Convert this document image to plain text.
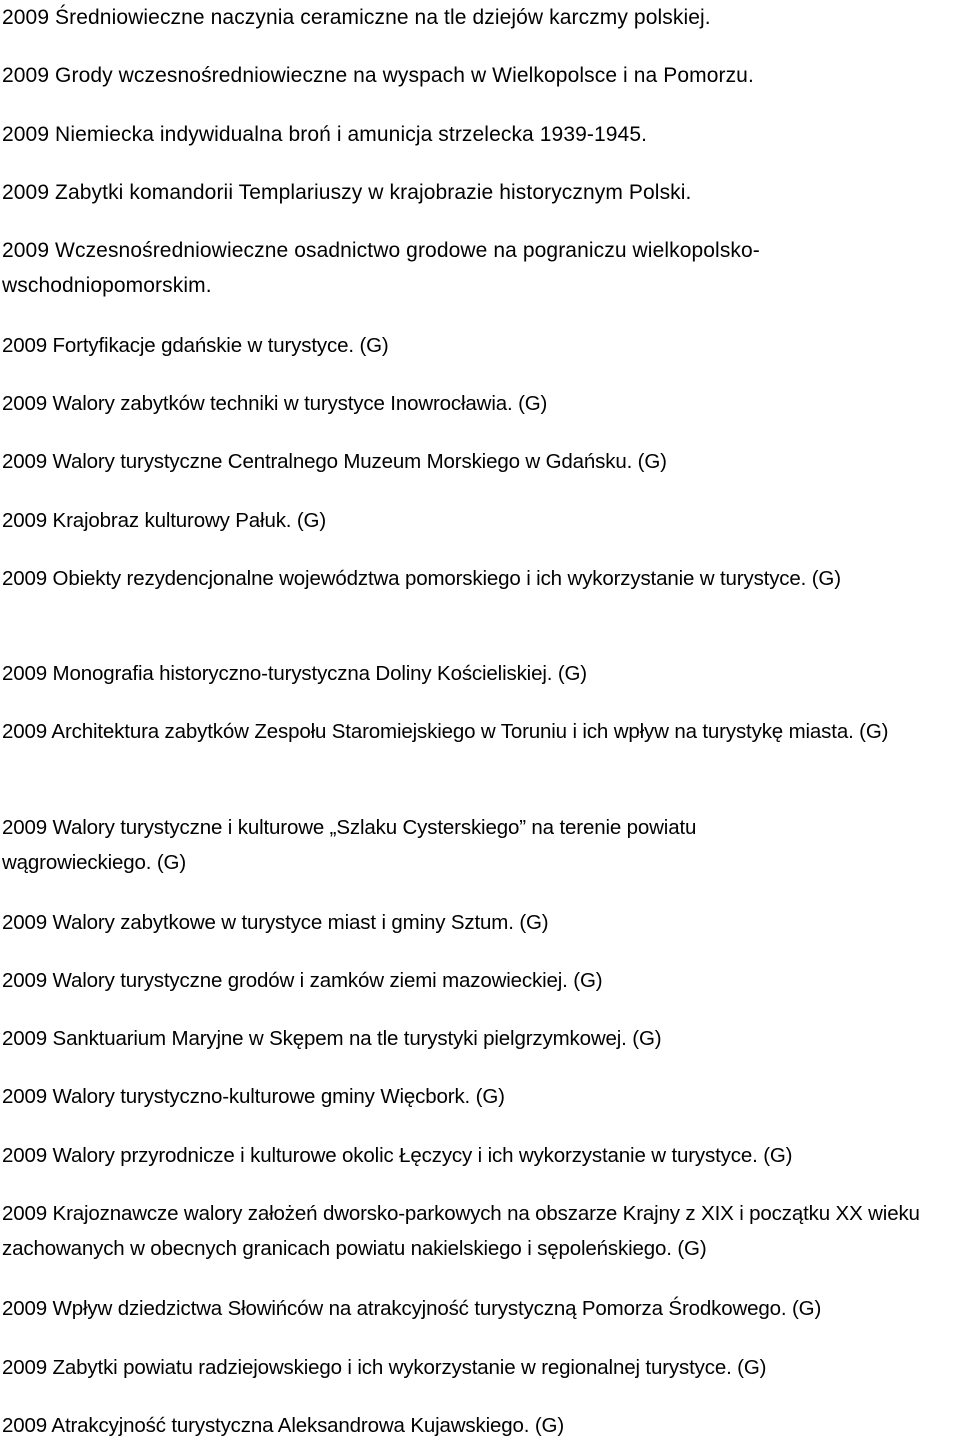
2009 Średniowieczne naczynia ceramiczne na tle dziejów karczmy polskiej.

2009 Grody wczesnośredniowieczne na wyspach w Wielkopolsce i na Pomorzu.

2009 Niemiecka indywidualna broń i amunicja strzelecka 1939-1945.

2009 Zabytki komandorii Templariuszy w krajobrazie historycznym Polski.

2009 Wczesnośredniowieczne osadnictwo grodowe na pograniczu wielkopolsko-wschodniopomorskim.

2009 Fortyfikacje gdańskie w turystyce. (G)

2009 Walory zabytków techniki w turystyce Inowrocławia. (G)

2009 Walory turystyczne Centralnego Muzeum Morskiego w Gdańsku. (G)

2009 Krajobraz kulturowy Pałuk. (G)

2009 Obiekty rezydencjonalne województwa pomorskiego i ich wykorzystanie w turystyce. (G)

2009 Monografia historyczno-turystyczna Doliny Kościeliskiej. (G)

2009 Architektura zabytków Zespołu Staromiejskiego w Toruniu i ich wpływ na turystykę miasta. (G)

2009 Walory turystyczne i kulturowe „Szlaku Cysterskiego” na terenie powiatu wągrowieckiego. (G)

2009 Walory zabytkowe w turystyce miast i gminy Sztum. (G)

2009 Walory turystyczne grodów i zamków ziemi mazowieckiej. (G)

2009 Sanktuarium Maryjne w Skępem na tle turystyki pielgrzymkowej. (G)

2009 Walory turystyczno-kulturowe gminy Więcbork. (G)

2009 Walory przyrodnicze i kulturowe okolic Łęczycy i ich wykorzystanie w turystyce. (G)

2009 Krajoznawcze walory założeń dworsko-parkowych na obszarze Krajny z XIX i początku XX wieku zachowanych w obecnych granicach powiatu nakielskiego i sępoleńskiego. (G)

2009 Wpływ dziedzictwa Słowińców na atrakcyjność turystyczną Pomorza Środkowego. (G)

2009 Zabytki powiatu radziejowskiego i ich wykorzystanie w regionalnej turystyce. (G)

2009 Atrakcyjność turystyczna Aleksandrowa Kujawskiego. (G)
